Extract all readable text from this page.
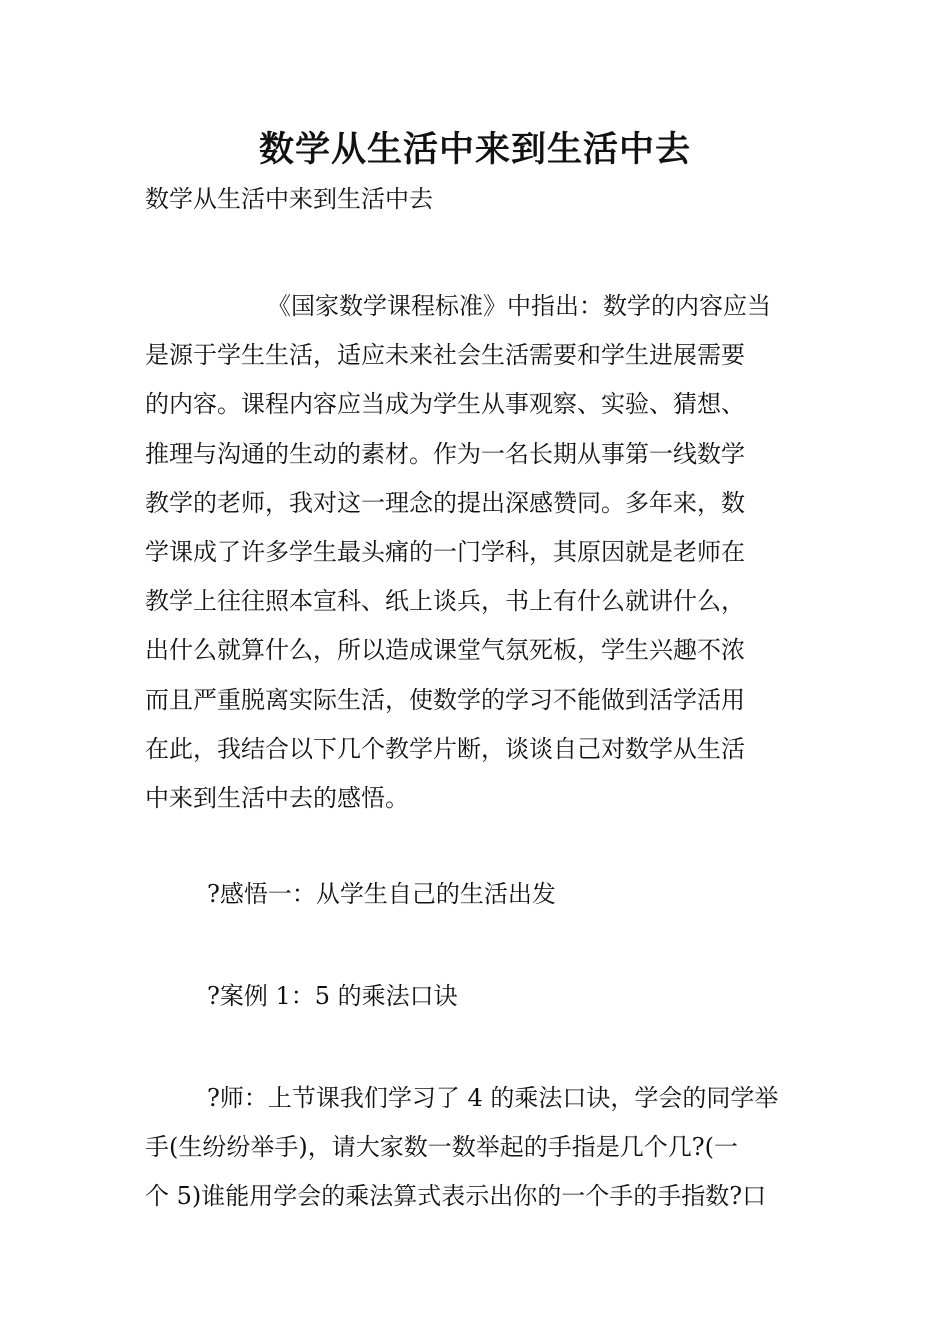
数学从生活中来到生活中去

数学从生活中来到生活中去

《国家数学课程标准》中指出：数学的内容应当
是源于学生生活，适应未来社会生活需要和学生进展需要
的内容。课程内容应当成为学生从事观察、实验、猜想、
推理与沟通的生动的素材。作为一名长期从事第一线数学
教学的老师，我对这一理念的提出深感赞同。多年来，数
学课成了许多学生最头痛的一门学科，其原因就是老师在
教学上往往照本宣科、纸上谈兵，书上有什么就讲什么，
出什么就算什么，所以造成课堂气氛死板，学生兴趣不浓
而且严重脱离实际生活，使数学的学习不能做到活学活用
在此，我结合以下几个教学片断，谈谈自己对数学从生活
中来到生活中去的感悟。

?感悟一：从学生自己的生活出发

?案例 1：5 的乘法口诀

?师：上节课我们学习了 4 的乘法口诀，学会的同学举
手(生纷纷举手)，请大家数一数举起的手指是几个几?(一
个 5)谁能用学会的乘法算式表示出你的一个手的手指数?口
